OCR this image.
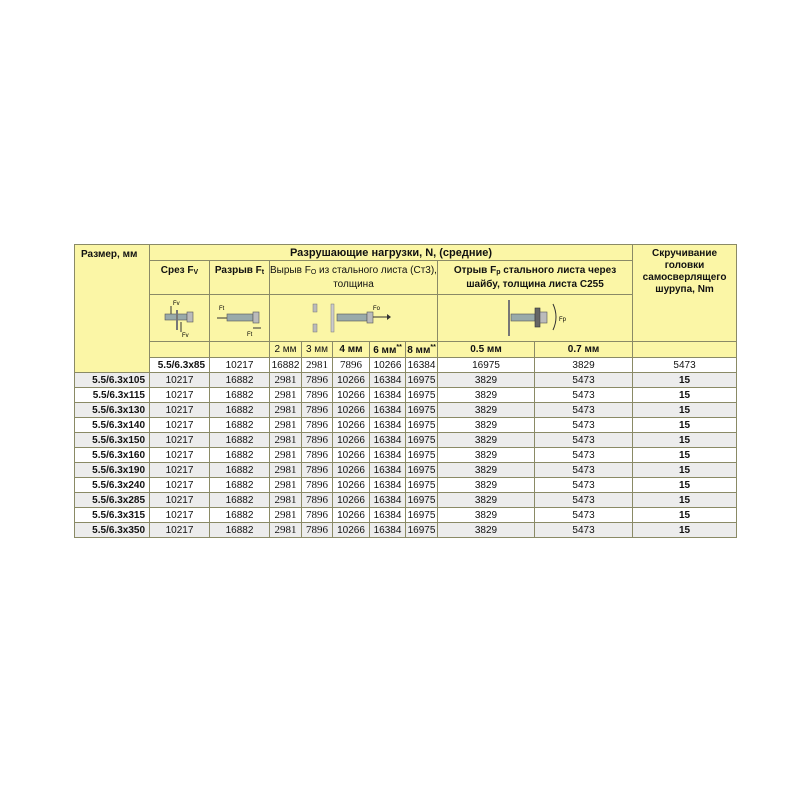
Размер, мм	Разрушающие нагрузки, N, (средние)									Скручивание головки самосверлящего шурупа, Nm	
	Срез $F_V$	Разрыв $F_t$	Вырыв $F_O$ из стального листа (Ст3), толщина					Отрыв $F_p$ стального листа через шайбу, толщина листа С255			

Fv
Fv	Ft
Ft	Fo					Fp

			2 мм	3 мм	4 мм	6 мм**	8 мм**	0.5 мм	0.7 мм		
	5.5/6.3x85	10217	16882	2981	7896	10266	16384	16975	3829	5473	
5.5/6.3x105	10217	16882	2981	7896	10266	16384	16975	3829	5473	15	
5.5/6.3x115	10217	16882	2981	7896	10266	16384	16975	3829	5473	15	
5.5/6.3x130	10217	16882	2981	7896	10266	16384	16975	3829	5473	15	
5.5/6.3x140	10217	16882	2981	7896	10266	16384	16975	3829	5473	15	
5.5/6.3x150	10217	16882	2981	7896	10266	16384	16975	3829	5473	15	
5.5/6.3x160	10217	16882	2981	7896	10266	16384	16975	3829	5473	15	
5.5/6.3x190	10217	16882	2981	7896	10266	16384	16975	3829	5473	15	
5.5/6.3x240	10217	16882	2981	7896	10266	16384	16975	3829	5473	15	
5.5/6.3x285	10217	16882	2981	7896	10266	16384	16975	3829	5473	15	
5.5/6.3x315	10217	16882	2981	7896	10266	16384	16975	3829	5473	15	
5.5/6.3x350	10217	16882	2981	7896	10266	16384	16975	3829	5473	15	
